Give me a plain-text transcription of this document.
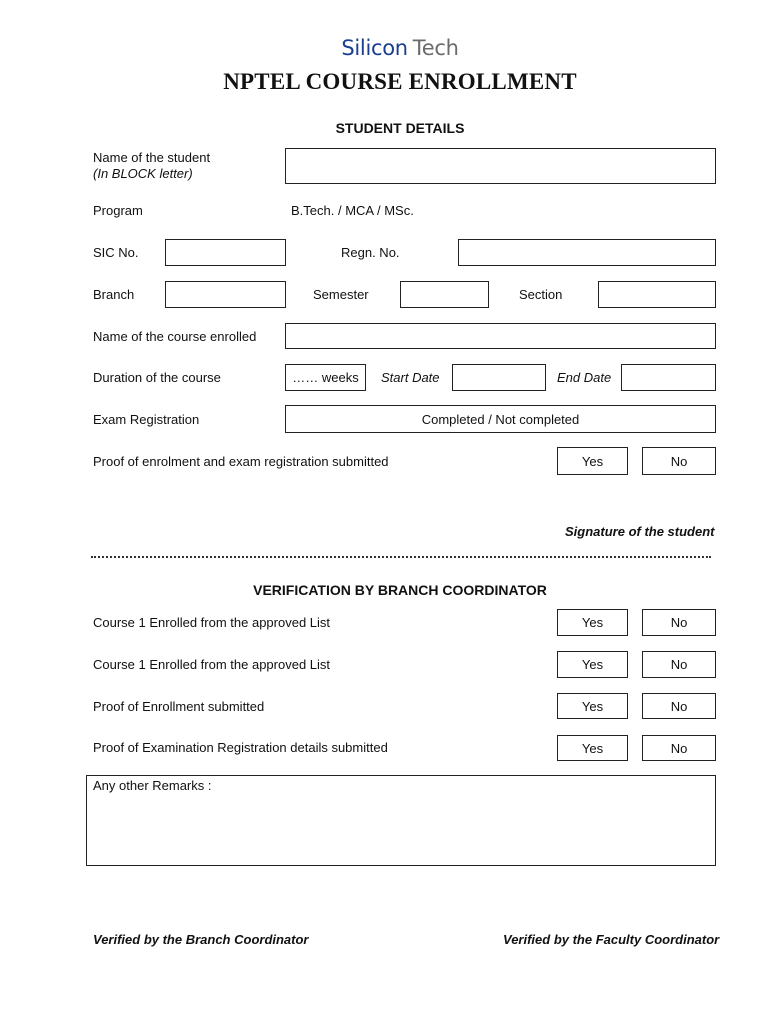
Silicon Tech
NPTEL COURSE ENROLLMENT
STUDENT DETAILS
Name of the student
(In BLOCK letter)
Program	B.Tech. / MCA / MSc.
SIC No.	Regn. No.
Branch	Semester	Section
Name of the course enrolled
Duration of the course	…… weeks	Start Date	End Date
Exam Registration	Completed / Not completed
Proof of enrolment and exam registration submitted	Yes	No
Signature of the student
VERIFICATION BY BRANCH COORDINATOR
Course 1 Enrolled from the approved List	Yes	No
Course 1 Enrolled from the approved List	Yes	No
Proof of Enrollment submitted	Yes	No
Proof of Examination Registration details submitted	Yes	No
Any other Remarks :
Verified by the Branch Coordinator	Verified by the Faculty Coordinator
